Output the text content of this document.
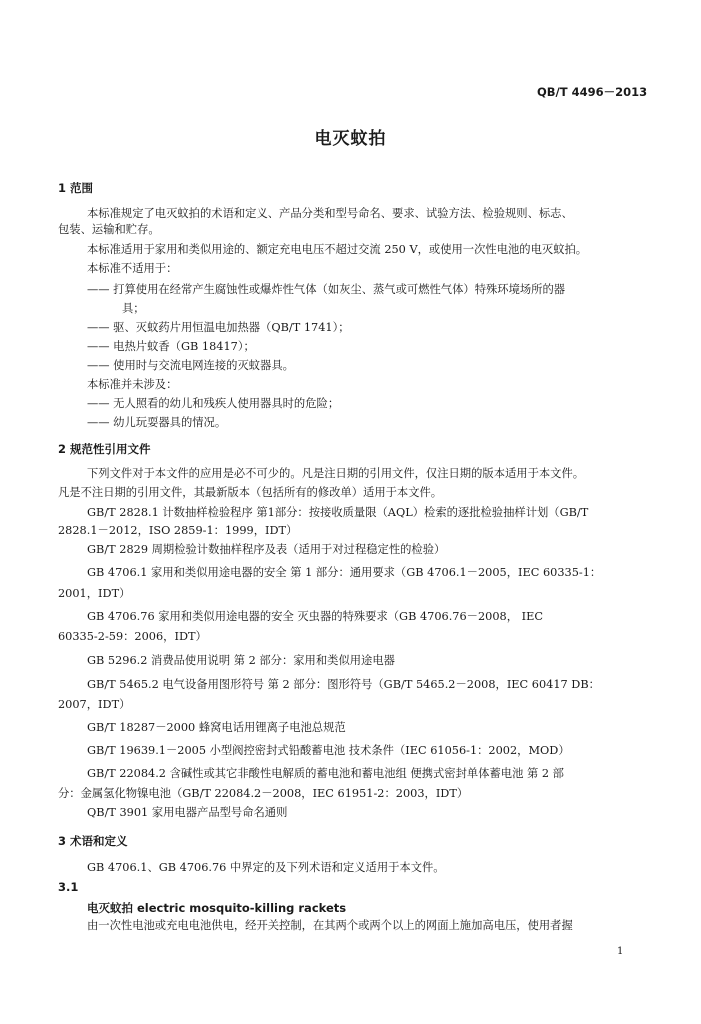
QB/T 4496－2013
电灭蚊拍
1 范围
本标准规定了电灭蚊拍的术语和定义、产品分类和型号命名、要求、试验方法、检验规则、标志、
包装、运输和贮存。
本标准适用于家用和类似用途的、额定充电电压不超过交流 250 V，或使用一次性电池的电灭蚊拍。
本标准不适用于：
—— 打算使用在经常产生腐蚀性或爆炸性气体（如灰尘、蒸气或可燃性气体）特殊环境场所的器
具；
—— 驱、灭蚊药片用恒温电加热器（QB/T 1741）；
—— 电热片蚊香（GB 18417）；
—— 使用时与交流电网连接的灭蚊器具。
本标准并未涉及：
—— 无人照看的幼儿和残疾人使用器具时的危险；
—— 幼儿玩耍器具的情况。
2 规范性引用文件
下列文件对于本文件的应用是必不可少的。凡是注日期的引用文件，仅注日期的版本适用于本文件。
凡是不注日期的引用文件，其最新版本（包括所有的修改单）适用于本文件。
GB/T 2828.1 计数抽样检验程序 第1部分：按接收质量限（AQL）检索的逐批检验抽样计划（GB/T
2828.1－2012，ISO 2859-1：1999，IDT）
GB/T 2829 周期检验计数抽样程序及表（适用于对过程稳定性的检验）
GB 4706.1 家用和类似用途电器的安全 第 1 部分：通用要求（GB 4706.1－2005，IEC 60335-1：
2001，IDT）
GB 4706.76 家用和类似用途电器的安全 灭虫器的特殊要求（GB 4706.76－2008， IEC
60335-2-59：2006，IDT）
GB 5296.2 消费品使用说明 第 2 部分：家用和类似用途电器
GB/T 5465.2 电气设备用图形符号 第 2 部分：图形符号（GB/T 5465.2－2008，IEC 60417 DB：
2007，IDT）
GB/T 18287－2000 蜂窝电话用锂离子电池总规范
GB/T 19639.1－2005 小型阀控密封式铅酸蓄电池 技术条件（IEC 61056-1：2002，MOD）
GB/T 22084.2 含碱性或其它非酸性电解质的蓄电池和蓄电池组 便携式密封单体蓄电池 第 2 部
分：金属氢化物镍电池（GB/T 22084.2－2008，IEC 61951-2：2003，IDT）
QB/T 3901 家用电器产品型号命名通则
3 术语和定义
GB 4706.1、GB 4706.76 中界定的及下列术语和定义适用于本文件。
3.1
电灭蚊拍 electric mosquito-killing rackets
由一次性电池或充电电池供电，经开关控制，在其两个或两个以上的网面上施加高电压，使用者握
1
